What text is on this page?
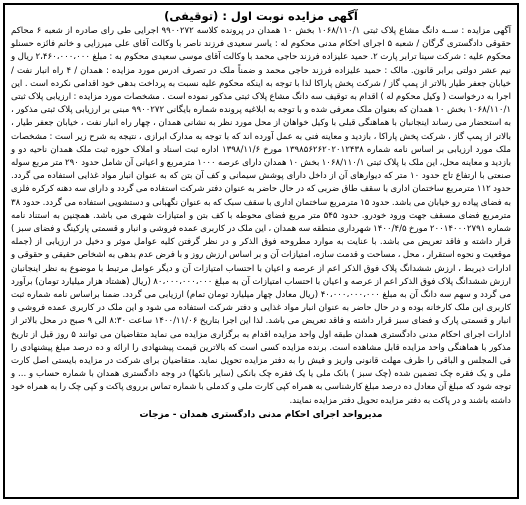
آگهی مزایده نوبت اول : (توقیفی)

آگهی مزایده : ســه دانگ مشاع پلاک ثبتی ۱۰۶۸/۱۱۰/۱ بخش ۱۰ همدان در پرونده کلاسه ۹۹۰۰۲۷۲ اجرایی طی رای صادره از شعبه ۶ محاکم حقوقی دادگستری گرگان / شعبه ۵ اجرای احکام مدنی محکوم له : یاسر سعیدی فرزند ناصر با وکالت آقای علی میرزایی و خانم فائزه حسنلو محکوم علیه : شرکت سینا ترابر پارت ۲. حمید علیزاده فرزند حاجی محمد با وکالت آقای موسی سعیدی محکوم به : مبلغ ۲،۴۶۰،۰۰۰،۰۰۰ ریال و نیم عشر دولتی برابر قانون. مالک : حمید علیزاده فرزند حاجی محمد و ضمناً ملک در تصرف ادرس مورد مزایده : همدان / ۴ راه انبار نفت / خیابان جعفر طیار بالاتر از پمپ گاز / شرکت پخش پاراکا لذا با توجه به اینکه محکوم علیه نسبت به پرداخت بدهی خود اقدامی نکرده است . این اجرا به درخواست ( وکیل محکوم له ) اقدام به توقیف سه دانگ مشاع پلاک ثبتی مذکور نموده است . مشخصات مورد مزایده : ارزیابی پلاک ثبتی ۱۰۶۸/۱۱۰/۱ بخش ۱۰ همدان که بعنوان ملک معرفی شده و با توجه به ابلاغیه پرونده شماره بایگانی ۹۹۰۰۲۷۲ مبنی بر ارزیابی پلاک ثبتی مذکور ، به استحضار می رساند اینجانبان با هماهنگی قبلی با وکیل خواهان از محل مورد نظر به نشانی همدان ، چهار راه انبار نفت ، خیابان جعفر طیار ، بالاتر از پمپ گاز ، شرکت پخش پاراکا ، بازدید و معاینه فنی به عمل آورده اند که با توجه به مدارک ابرازی ، نتیجه به شرح زیر است : مشخصات ملک مورد ارزیابی بر اساس نامه شماره ۱۳۹۸۵۶۲۶۲۰۲۰۱۲۴۳۸ مورخ ۱۳۹۸/۱۱/۶ اداره ثبت اسناد و املاک حوزه ثبت ملک همدان ناحیه دو و بازدید و معاینه محل، این ملک با پلاک ثبتی ۱۰۶۸/۱۱۰/۱ بخش ۱۰ همدان دارای عرصه ۱۰۰۰ مترمربع و اعیانی آن شامل حدود ۲۹۰ متر مربع سوله صنعتی با ارتفاع تاج حدود ۱۰ متر که دیوارهای آن از داخل دارای پوشش سیمانی و کف آن بتن که به عنوان انبار مواد غذایی استفاده می گردد. حدود ۱۱۲ مترمربع ساختمان اداری با سقف طاق ضربی که در حال حاضر به عنوان دفتر شرکت استفاده می گردد و دارای سه دهنه کرکره فلزی به فضای پیاده رو خیابان می باشد. حدود ۱۵ مترمربع ساختمان اداری با سقف سبک که به عنوان نگهبانی و دستشویی استفاده می گردد. حدود ۳۸ مترمربع فضای مسقف جهت ورود خودرو. حدود ۵۴۵ متر مربع فضای محوطه با کف بتن و امتیازات شهری می باشد. همچنین به استناد نامه شماره ۲۰۰۱۴۰۰۰۲۷۹۱ مورخ ۱۴۰۰/۴/۵ شهرداری منطقه سه همدان ، این ملک در کاربری عمده فروشی و انبار و قسمتی پارکینگ و فضای سبز ) قرار داشته و فاقد تعریض می باشد. با عنایت به موارد مطروحه فوق الذکر و در نظر گرفتن کلیه عوامل موثر و دخیل در ارزیابی از (جمله موقعیت و نحوه استقرار ، محل ، مساحت و قدمت سازه، امتیازات آن و بر اساس ارزش روز و با فرض عدم بدهی به اشخاص حقیقی و حقوقی و ادارات ذیربط ، ارزش ششدانگ پلاک فوق الذکر اعم از عرصه و اعیان با احتساب امتیازات آن و دیگر عوامل مرتبط با موضوع به نظر اینجانبان ارزش ششدانگ پلاک فوق الذکر اعم از عرصه و اعیان با احتساب امتیازات آن به مبلغ ۸۰،۰۰۰،۰۰۰،۰۰۰ (ریال (هشتاد هزار میلیارد تومان) برآورد می گردد و سهم سه دانگ آن به مبلغ ۴۰،۰۰۰،۰۰۰،۰۰۰ (ریال معادل چهار میلیارد تومان تمام) ارزیابی می گردد. ضمنا براساس نامه شماره ثبت کاربری این ملک کارخانه بوده و در حال حاضر به عنوان انبار مواد غذایی و دفتر شرکت استفاده می شود و این ملک در کاربری عمده فروشی و انبار و قسمتی پارک و فضای سبز قرار داشته و فاقد تعریض می باشد. لذا این اجرا بتاریخ ۱۴۰۰/۱۱/۰۶ ساعت ۸:۳۰ الی ۹ صبح در محل بالاتر از ادارات اجرای احکام مدنی دادگستری همدان طبقه اول واحد مزایده اقدام به برگزاری مزایده می نماید متقاضیان می توانند ۵ روز قبل از تاریخ مذکور با هماهنگی واحد مزایده قابل مشاهده است. برنده مزایده کسی است که بالاترین قیمت پیشنهادی را ارائه و ده درصد مبلغ پیشنهادی را فی المجلس و الباقی را ظرف مهلت قانونی واریز و فیش را به دفتر مزایده تحویل نماید. متقاضیان برای شرکت در مزایده بایستی اصل کارت ملی و یک فقره چک تضمین شده (چک سبز ) بانک ملی یا یک فقره چک بانکی (سایر بانکها) در وجه دادگستری همدان با شماره حساب و ... و توجه شود که مبلغ آن معادل ده درصد مبلغ کارشناسی به همراه کپی کارت ملی و کدملی با شماره تماس برروی پاکت و کپی چک را به همراه خود داشته باشند و در پاکت به دفتر مزایده تحویل دفتر مزایده نمایند.

مدیرواحد اجرای احکام مدنی دادگستری همدان - مزجات
